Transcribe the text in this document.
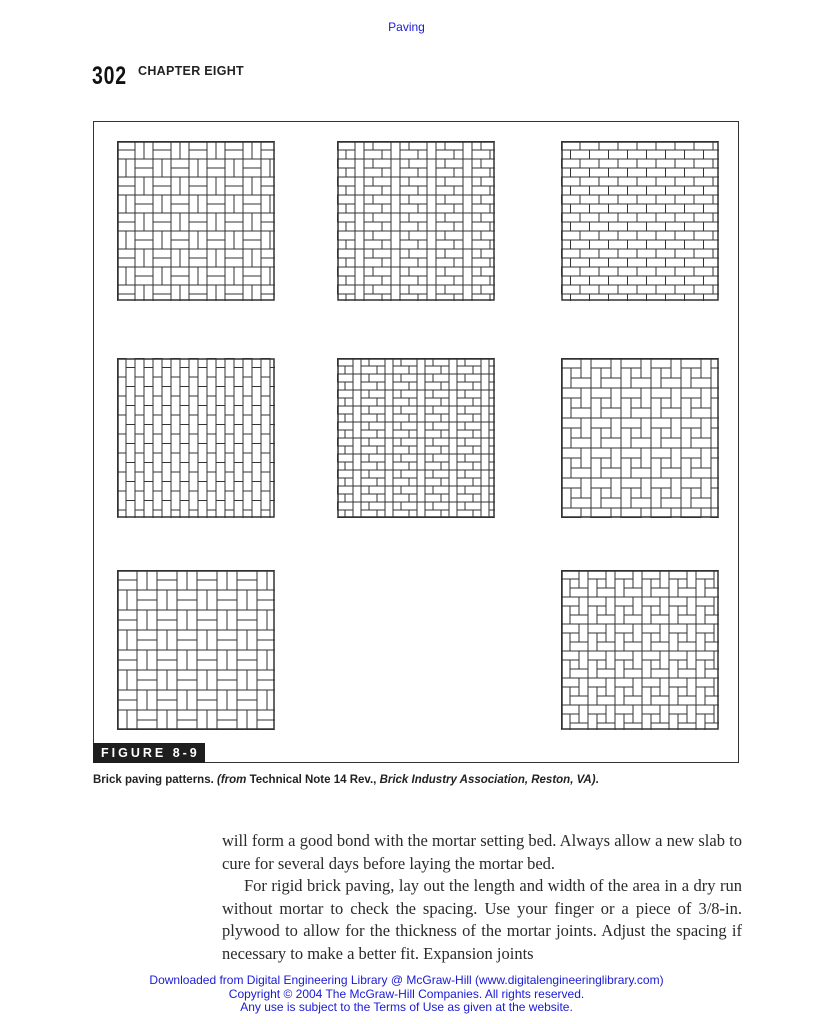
Paving
302 CHAPTER EIGHT
FIGURE 8-9
Brick paving patterns. (from Technical Note 14 Rev., Brick Industry Association, Reston, VA).

will form a good bond with the mortar setting bed. Always allow a new slab to cure for several days before laying the mortar bed.

For rigid brick paving, lay out the length and width of the area in a dry run without mortar to check the spacing. Use your finger or a piece of 3/8-in. plywood to allow for the thickness of the mortar joints. Adjust the spacing if necessary to make a better fit. Expansion joints

Downloaded from Digital Engineering Library @ McGraw-Hill (www.digitalengineeringlibrary.com)
Copyright © 2004 The McGraw-Hill Companies. All rights reserved.
Any use is subject to the Terms of Use as given at the website.
